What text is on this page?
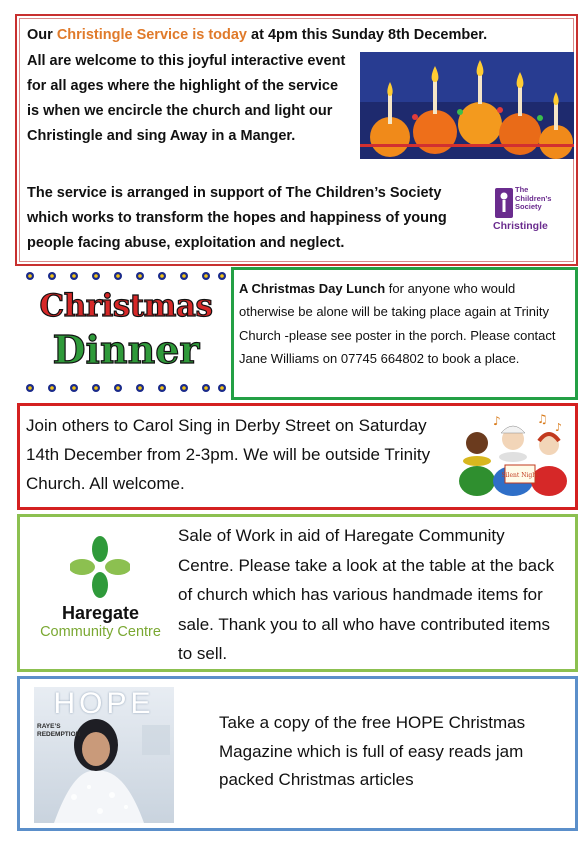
Our Christingle Service is today at 4pm this Sunday 8th December.
All are welcome to this joyful interactive event for all ages where the highlight of the service is when we encircle the church and light our Christingle and sing Away in a Manger.
The service is arranged in support of The Children’s Society which works to transform the hopes and happiness of young people facing abuse, exploitation and neglect.
The
Children’s
Society
Christingle
Christmas
Dinner
A Christmas Day Lunch for anyone who would otherwise be alone will be taking place again at Trinity Church -please see poster in the porch. Please contact Jane Williams on 07745 664802 to book a place.
Join others to Carol Sing in Derby Street on Saturday 14th December from 2-3pm. We will be outside Trinity Church. All welcome.	Silent Night
♪	♫
♪
Haregate
Community Centre
Sale of Work in aid of Haregate Community Centre. Please take a look at the table at the back of church which has various handmade items for sale. Thank you to all who have contributed items to sell.
HOPE
RAYE’S REDEMPTION
Take a copy of the free HOPE Christmas Magazine which is full of easy reads jam packed Christmas articles
